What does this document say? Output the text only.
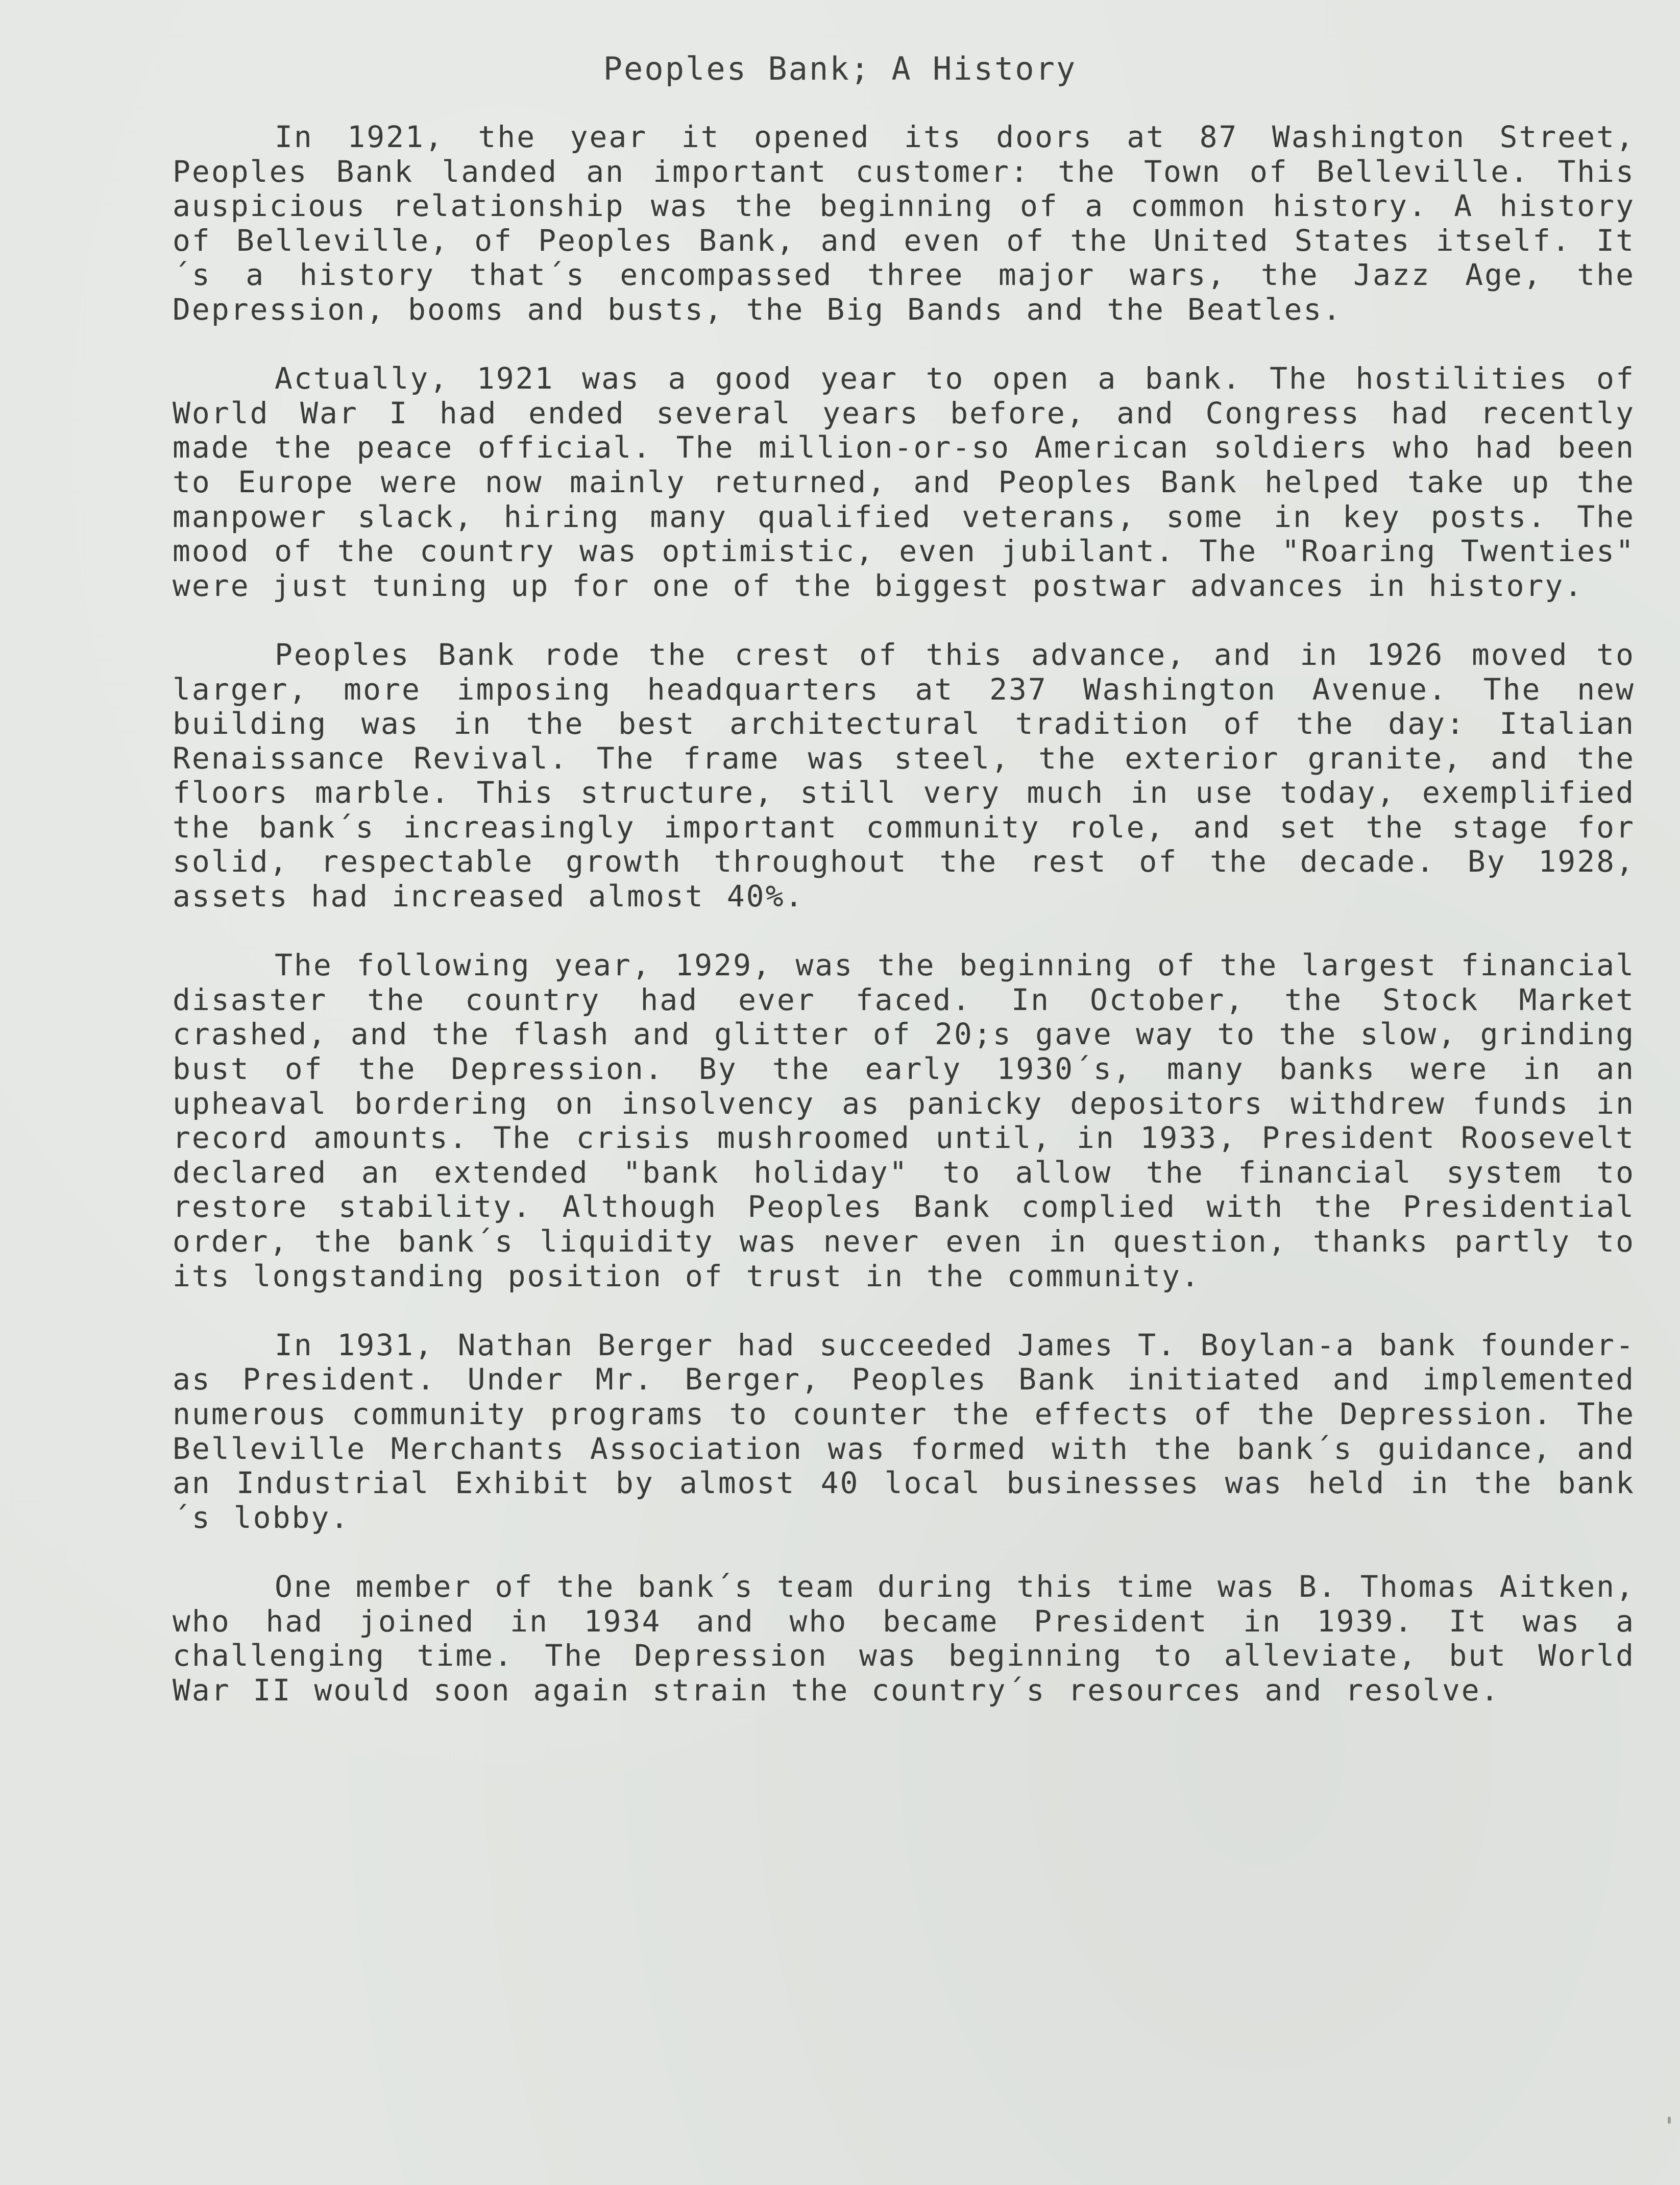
Peoples Bank; A History

In 1921, the year it opened its doors at 87 Washington Street, Peoples Bank landed an important customer: the Town of Belleville. This auspicious relationship was the beginning of a common history. A history of Belleville, of Peoples Bank, and even of the United States itself. It´s a history that´s encompassed three major wars, the Jazz Age, the Depression, booms and busts, the Big Bands and the Beatles.

Actually, 1921 was a good year to open a bank. The hostilities of World War I had ended several years before, and Congress had recently made the peace official. The million-or-so American soldiers who had been to Europe were now mainly returned, and Peoples Bank helped take up the manpower slack, hiring many qualified veterans, some in key posts. The mood of the country was optimistic, even jubilant. The "Roaring Twenties" were just tuning up for one of the biggest postwar advances in history.

Peoples Bank rode the crest of this advance, and in 1926 moved to larger, more imposing headquarters at 237 Washington Avenue. The new building was in the best architectural tradition of the day: Italian Renaissance Revival. The frame was steel, the exterior granite, and the floors marble. This structure, still very much in use today, exemplified the bank´s increasingly important community role, and set the stage for solid, respectable growth throughout the rest of the decade. By 1928, assets had increased almost 40%.

The following year, 1929, was the beginning of the largest financial disaster the country had ever faced. In October, the Stock Market crashed, and the flash and glitter of 20;s gave way to the slow, grinding bust of the Depression. By the early 1930´s, many banks were in an upheaval bordering on insolvency as panicky depositors withdrew funds in record amounts. The crisis mushroomed until, in 1933, President Roosevelt declared an extended "bank holiday" to allow the financial system to restore stability. Although Peoples Bank complied with the Presidential order, the bank´s liquidity was never even in question, thanks partly to its longstanding position of trust in the community.

In 1931, Nathan Berger had succeeded James T. Boylan-a bank founder-as President. Under Mr. Berger, Peoples Bank initiated and implemented numerous community programs to counter the effects of the Depression. The Belleville Merchants Association was formed with the bank´s guidance, and an Industrial Exhibit by almost 40 local businesses was held in the bank´s lobby.

One member of the bank´s team during this time was B. Thomas Aitken, who had joined in 1934 and who became President in 1939. It was a challenging time. The Depression was beginning to alleviate, but World War II would soon again strain the country´s resources and resolve.
